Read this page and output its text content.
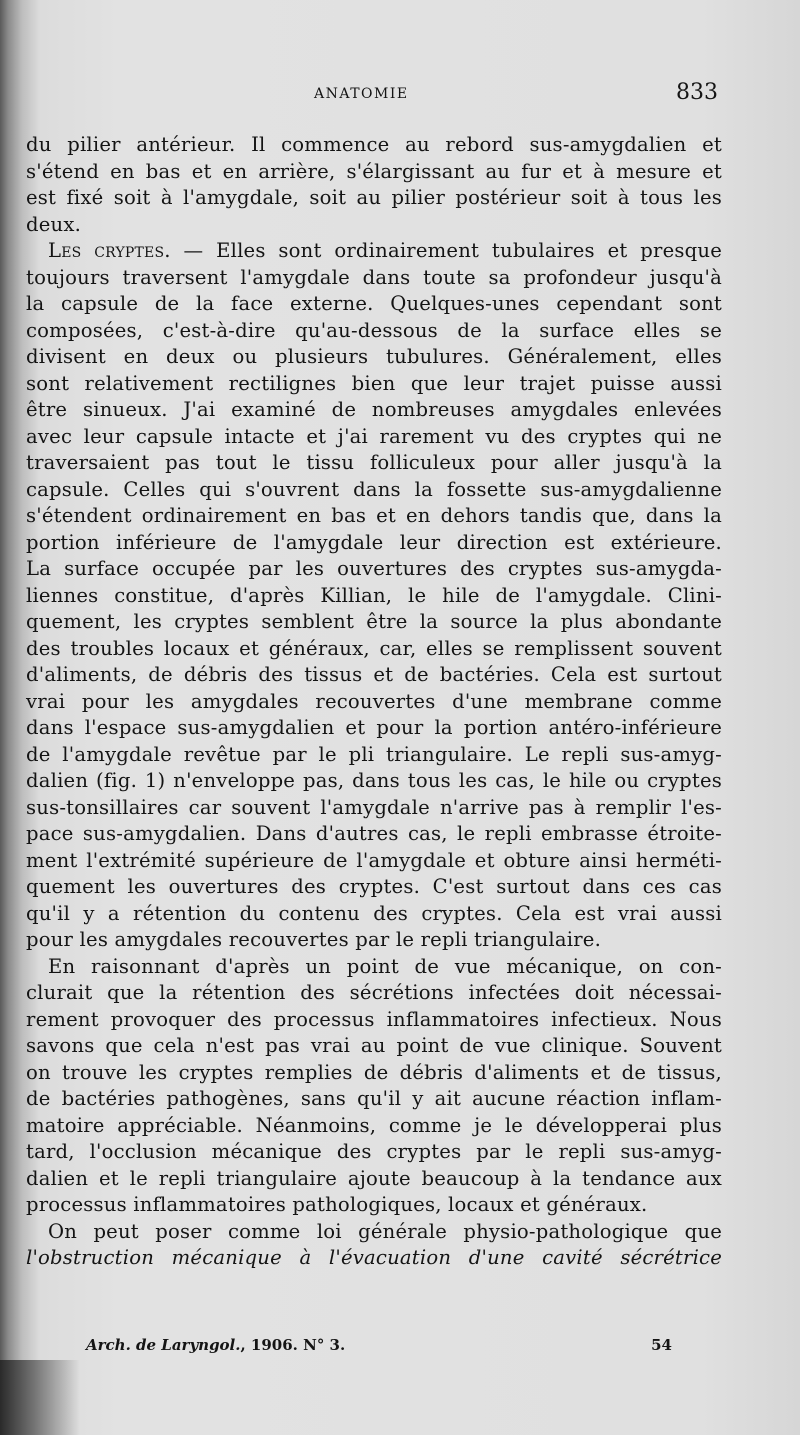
ANATOMIE	833
du pilier antérieur. Il commence au rebord sus-amygdalien et
s'étend en bas et en arrière, s'élargissant au fur et à mesure et
est fixé soit à l'amygdale, soit au pilier postérieur soit à tous les
deux.
Les cryptes. — Elles sont ordinairement tubulaires et presque
toujours traversent l'amygdale dans toute sa profondeur jusqu'à
la capsule de la face externe. Quelques-unes cependant sont
composées, c'est-à-dire qu'au-dessous de la surface elles se
divisent en deux ou plusieurs tubulures. Généralement, elles
sont relativement rectilignes bien que leur trajet puisse aussi
être sinueux. J'ai examiné de nombreuses amygdales enlevées
avec leur capsule intacte et j'ai rarement vu des cryptes qui ne
traversaient pas tout le tissu folliculeux pour aller jusqu'à la
capsule. Celles qui s'ouvrent dans la fossette sus-amygdalienne
s'étendent ordinairement en bas et en dehors tandis que, dans la
portion inférieure de l'amygdale leur direction est extérieure.
La surface occupée par les ouvertures des cryptes sus-amygda-
liennes constitue, d'après Killian, le hile de l'amygdale. Clini-
quement, les cryptes semblent être la source la plus abondante
des troubles locaux et généraux, car, elles se remplissent souvent
d'aliments, de débris des tissus et de bactéries. Cela est surtout
vrai pour les amygdales recouvertes d'une membrane comme
dans l'espace sus-amygdalien et pour la portion antéro-inférieure
de l'amygdale revêtue par le pli triangulaire. Le repli sus-amyg-
dalien (fig. 1) n'enveloppe pas, dans tous les cas, le hile ou cryptes
sus-tonsillaires car souvent l'amygdale n'arrive pas à remplir l'es-
pace sus-amygdalien. Dans d'autres cas, le repli embrasse étroite-
ment l'extrémité supérieure de l'amygdale et obture ainsi herméti-
quement les ouvertures des cryptes. C'est surtout dans ces cas
qu'il y a rétention du contenu des cryptes. Cela est vrai aussi
pour les amygdales recouvertes par le repli triangulaire.
En raisonnant d'après un point de vue mécanique, on con-
clurait que la rétention des sécrétions infectées doit nécessai-
rement provoquer des processus inflammatoires infectieux. Nous
savons que cela n'est pas vrai au point de vue clinique. Souvent
on trouve les cryptes remplies de débris d'aliments et de tissus,
de bactéries pathogènes, sans qu'il y ait aucune réaction inflam-
matoire appréciable. Néanmoins, comme je le développerai plus
tard, l'occlusion mécanique des cryptes par le repli sus-amyg-
dalien et le repli triangulaire ajoute beaucoup à la tendance aux
processus inflammatoires pathologiques, locaux et généraux.
On peut poser comme loi générale physio-pathologique que
l'obstruction mécanique à l'évacuation d'une cavité sécrétrice
Arch. de Laryngol., 1906. N° 3.	54
